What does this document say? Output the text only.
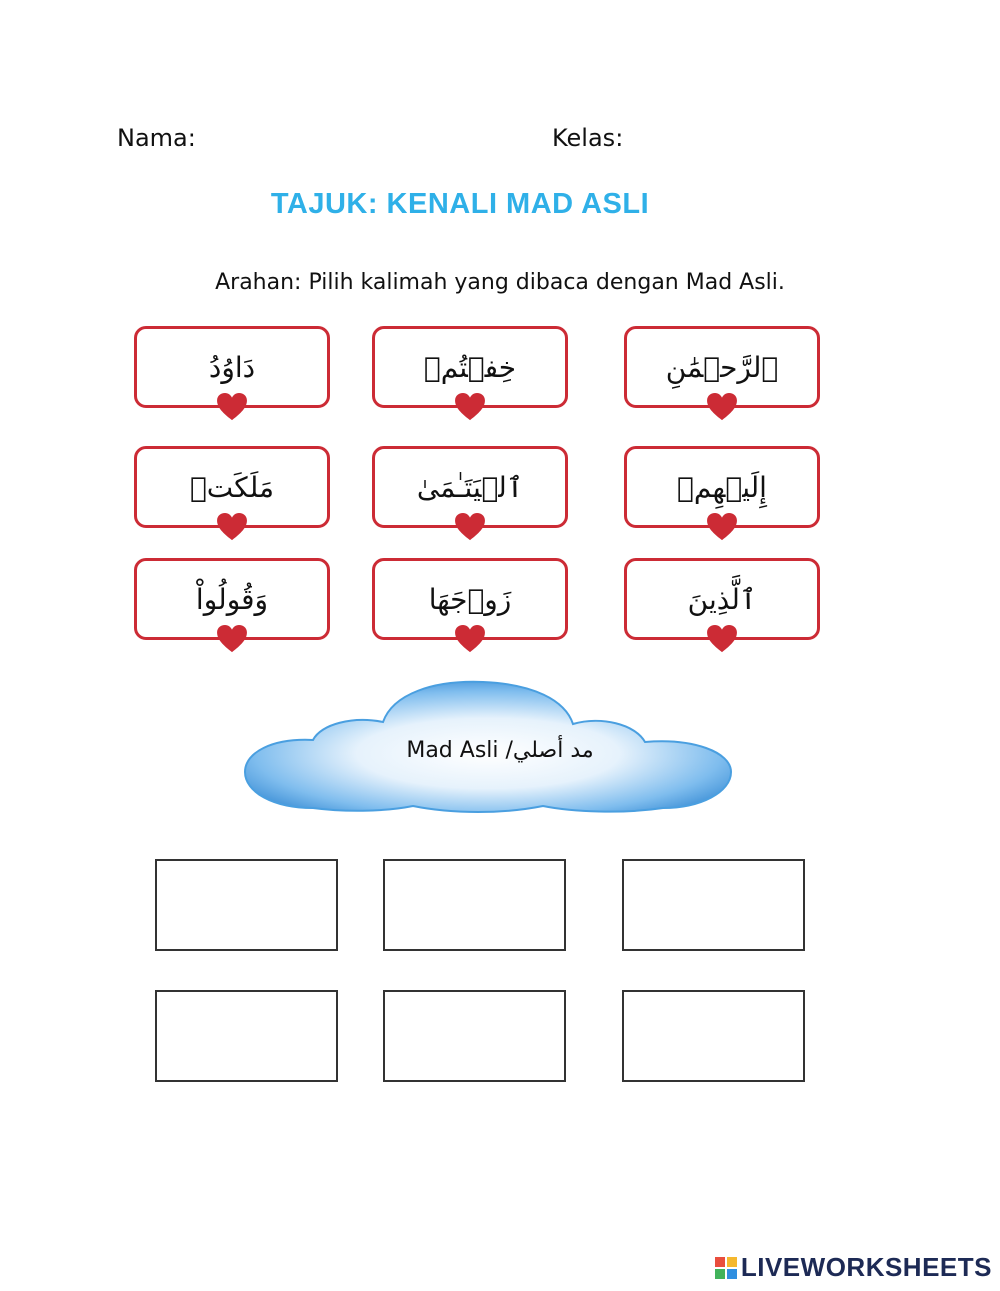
Nama:	Kelas:
TAJUK: KENALI MAD ASLI
Arahan: Pilih kalimah yang dibaca dengan Mad Asli.
دَاوُدُ	خِفۡتُمۡ	ٱلرَّحۡمَٰنِ
مَلَكَتۡ	ٱلۡيَتَـٰمَىٰ	إِلَيۡهِمۡ
وَقُولُواْ	زَوۡجَهَا	ٱلَّذِينَ
Mad Asli /مد أصلي
LIVEWORKSHEETS
